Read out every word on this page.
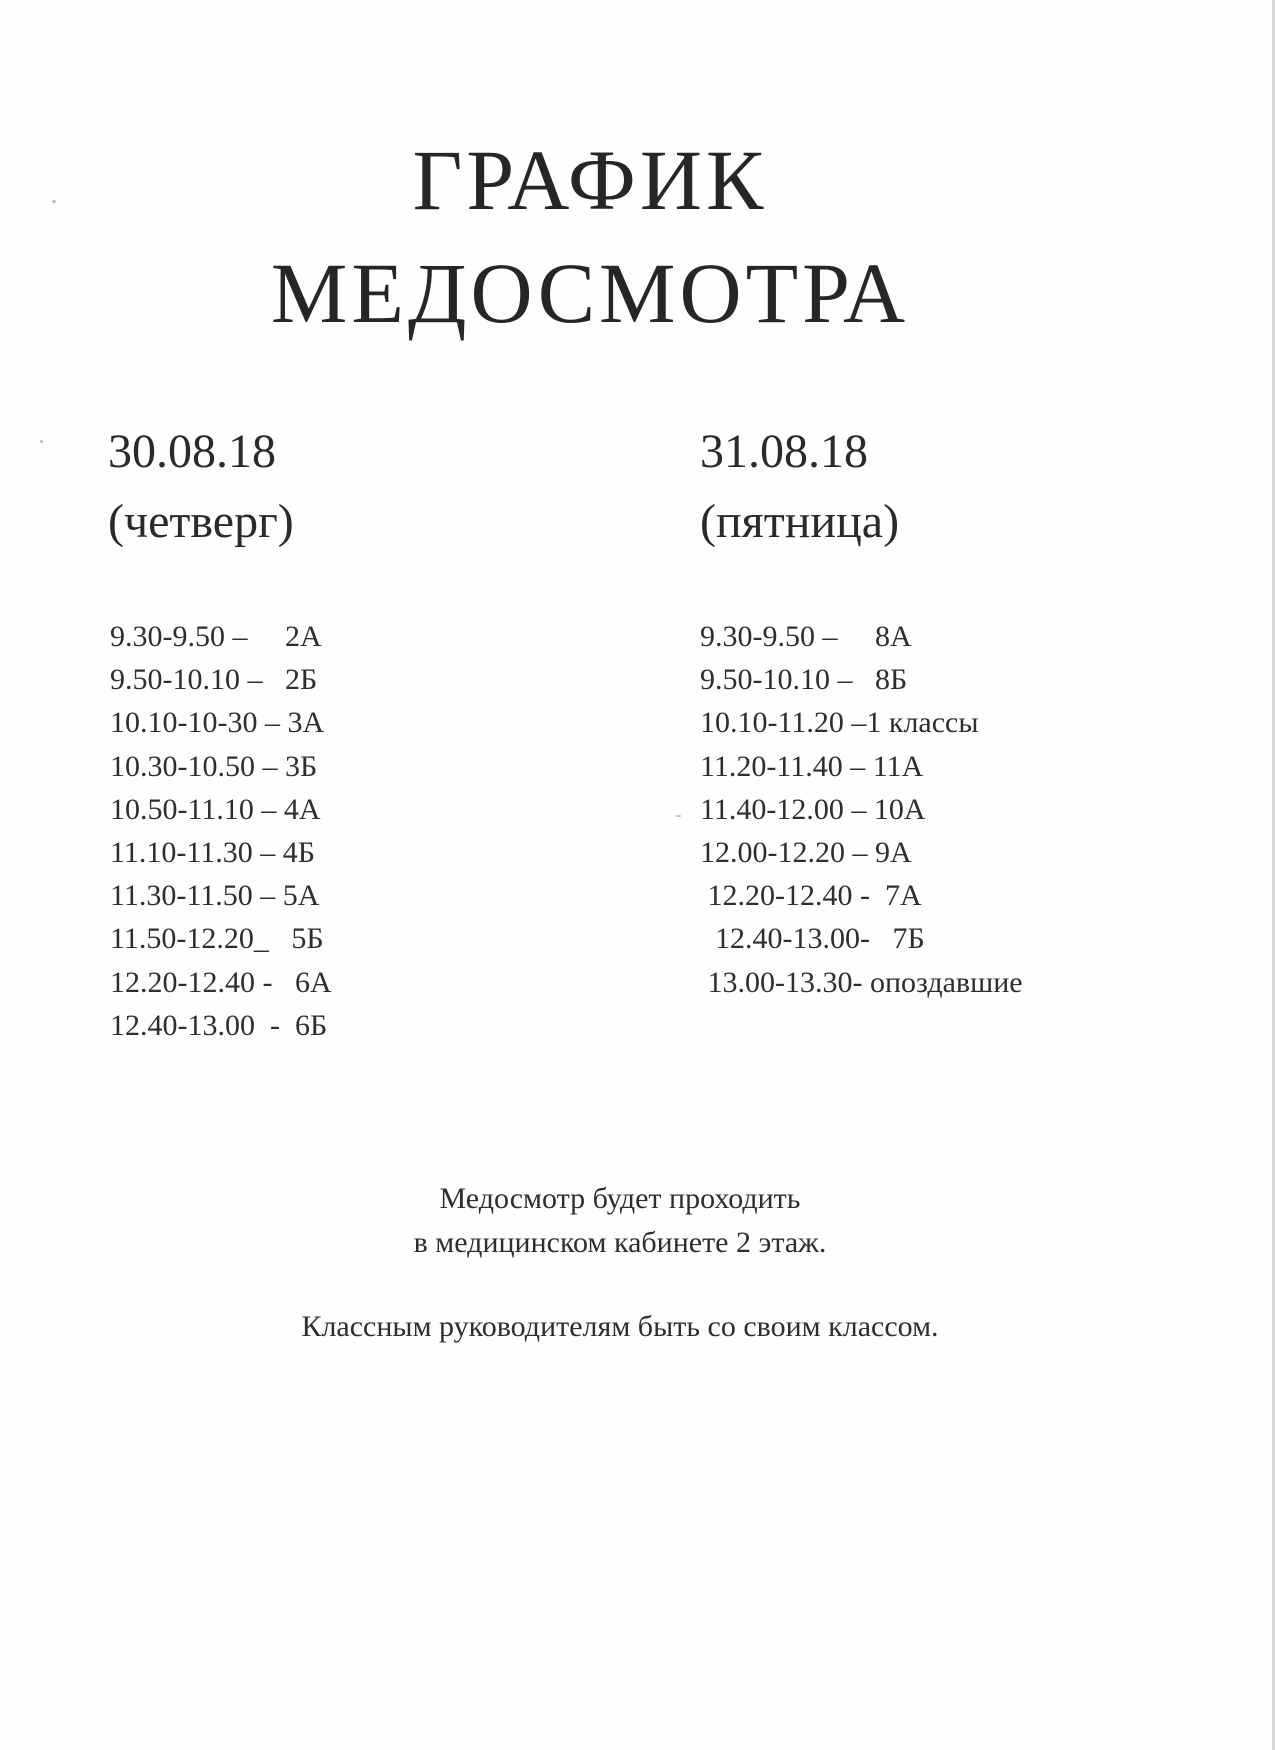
ГРАФИК
МЕДОСМОТРА
30.08.18
(четверг)
9.30-9.50 –     2А
9.50-10.10 –   2Б
10.10-10-30 – 3А
10.30-10.50 – 3Б
10.50-11.10 – 4А
11.10-11.30 – 4Б
11.30-11.50 – 5А
11.50-12.20_   5Б
12.20-12.40 -   6А
12.40-13.00  -  6Б
31.08.18
(пятница)
9.30-9.50 –     8А
9.50-10.10 –   8Б
10.10-11.20 –1 классы
11.20-11.40 – 11А
11.40-12.00 – 10А
12.00-12.20 – 9А
12.20-12.40 -  7А
12.40-13.00-   7Б
13.00-13.30- опоздавшие
Медосмотр будет проходить
в медицинском кабинете 2 этаж.
Классным руководителям быть со своим классом.
